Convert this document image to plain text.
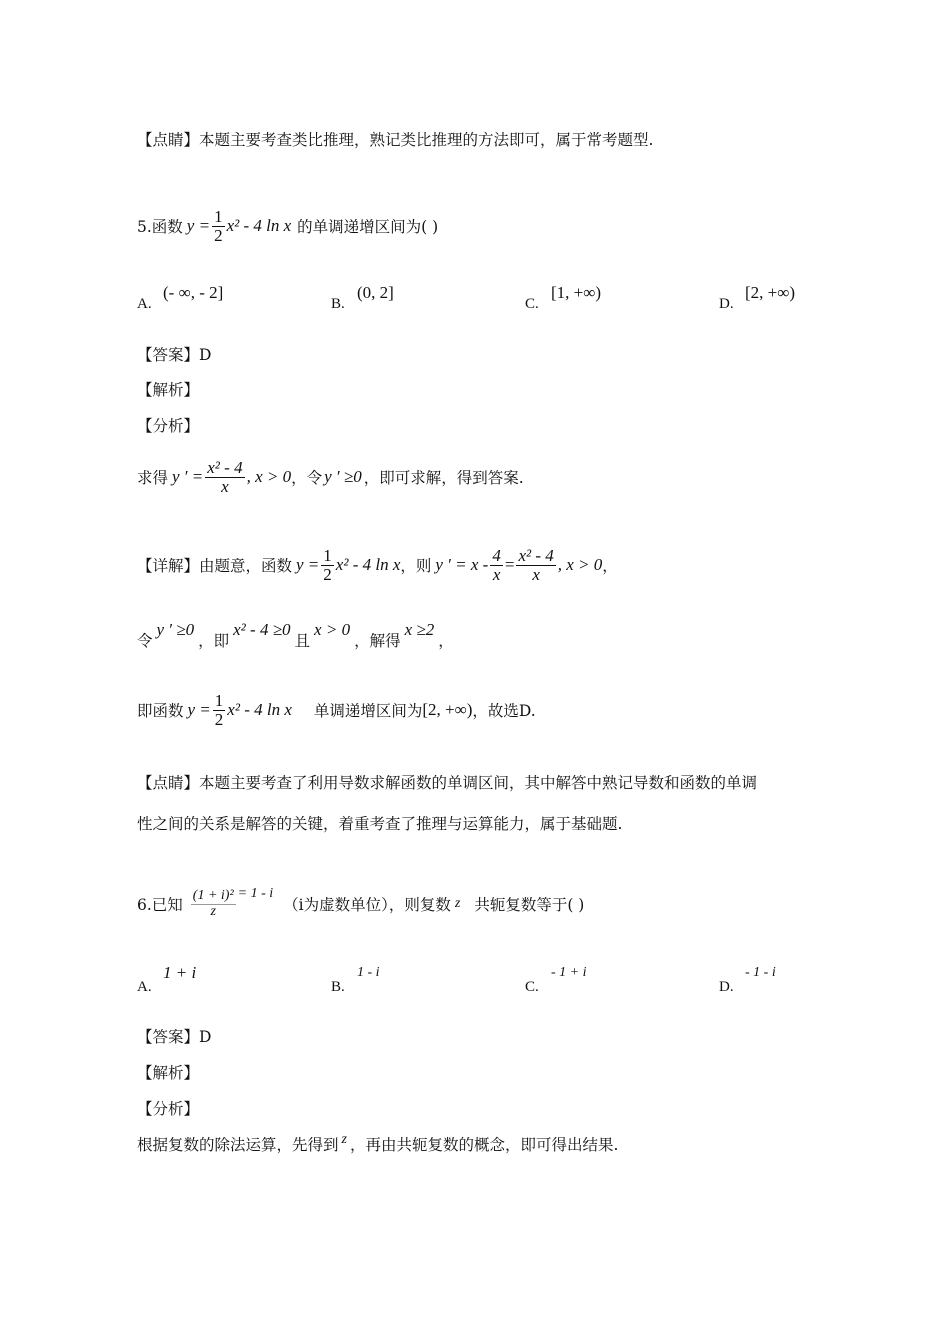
【点睛】本题主要考查类比推理，熟记类比推理的方法即可，属于常考题型.
5.函数 $y = \frac{1}{2} x^2 - 4$ ln x 的单调递增区间为( )
A.
(- ∞, - 2]
B.
(0, 2]
C.
[1, +∞)
D.
[2, +∞)
【答案】D
【解析】
【分析】
求得 y ′ = $\frac{\text{x² - 4}}{x}$ , x > 0 ，令 y ′ ≥0 ，即可求解，得到答案.
【详解】由题意，函数 $y = \frac{1}{2} x^2 - 4$ ln x ，则 y ′ = $x - \frac{4}{x} = \frac{\text{x² - 4}}{x}$ , x > 0 ，
令
y ′ ≥0
，即
x² - 4 ≥0
且
x > 0
，解得
x ≥2
，
即函数 $y = \frac{1}{2} x^2 - 4$ ln x 单调递增区间为 [2, +∞) ，故选D.
【点睛】本题主要考查了利用导数求解函数的单调区间，其中解答中熟记导数和函数的单调
性之间的关系是解答的关键，着重考查了推理与运算能力，属于基础题.
6.已知 $\frac{\text{(1 + i)²}}{z} = 1 - i$
（i为虚数单位），则复数 z 共轭复数等于( )
A.
1 + i
B.
1 - i
C.
- 1 + i
D.
- 1 - i
【答案】D
【解析】
【分析】
根据复数的除法运算，先得到 z ，再由共轭复数的概念，即可得出结果.
